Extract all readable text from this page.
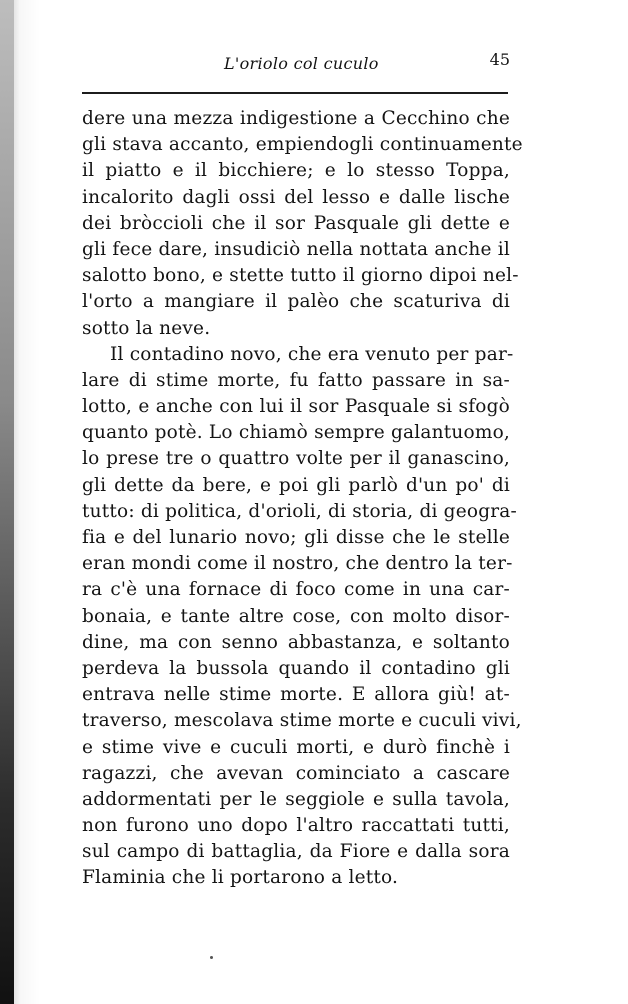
L'oriolo col cuculo	45
dere una mezza indigestione a Cecchino che
gli stava accanto, empiendogli continuamente
il piatto e il bicchiere; e lo stesso Toppa,
incalorito dagli ossi del lesso e dalle lische
dei bròccioli che il sor Pasquale gli dette e
gli fece dare, insudiciò nella nottata anche il
salotto bono, e stette tutto il giorno dipoi nel-
l'orto a mangiare il palèo che scaturiva di
sotto la neve.
Il contadino novo, che era venuto per par-
lare di stime morte, fu fatto passare in sa-
lotto, e anche con lui il sor Pasquale si sfogò
quanto potè. Lo chiamò sempre galantuomo,
lo prese tre o quattro volte per il ganascino,
gli dette da bere, e poi gli parlò d'un po' di
tutto: di politica, d'orioli, di storia, di geogra-
fia e del lunario novo; gli disse che le stelle
eran mondi come il nostro, che dentro la ter-
ra c'è una fornace di foco come in una car-
bonaia, e tante altre cose, con molto disor-
dine, ma con senno abbastanza, e soltanto
perdeva la bussola quando il contadino gli
entrava nelle stime morte. E allora giù! at-
traverso, mescolava stime morte e cuculi vivi,
e stime vive e cuculi morti, e durò finchè i
ragazzi, che avevan cominciato a cascare
addormentati per le seggiole e sulla tavola,
non furono uno dopo l'altro raccattati tutti,
sul campo di battaglia, da Fiore e dalla sora
Flaminia che li portarono a letto.
